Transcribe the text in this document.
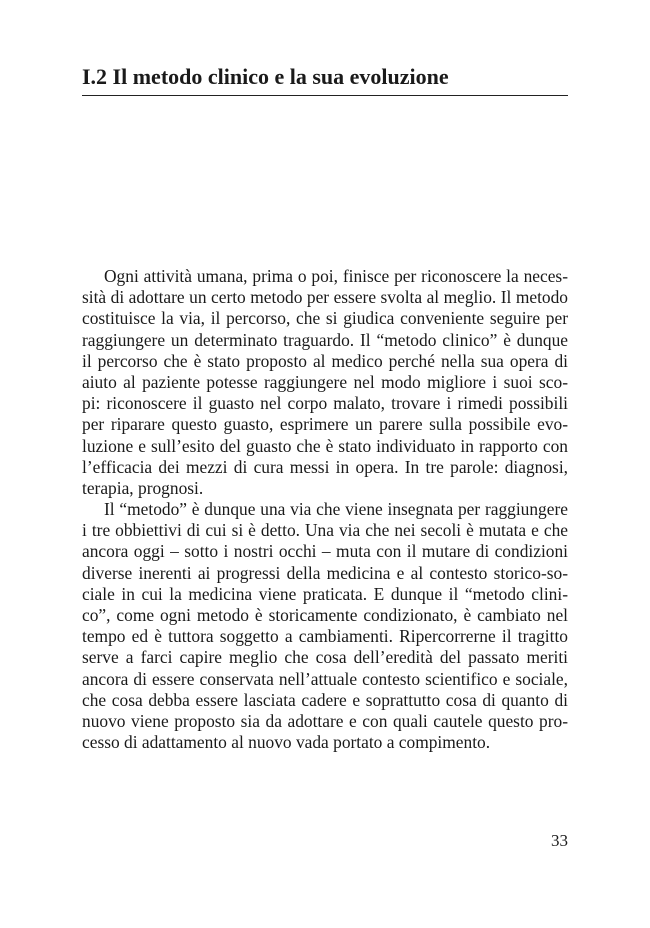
I.2 Il metodo clinico e la sua evoluzione
Ogni attività umana, prima o poi, finisce per riconoscere la neces-
sità di adottare un certo metodo per essere svolta al meglio. Il metodo
costituisce la via, il percorso, che si giudica conveniente seguire per
raggiungere un determinato traguardo. Il “metodo clinico” è dunque
il percorso che è stato proposto al medico perché nella sua opera di
aiuto al paziente potesse raggiungere nel modo migliore i suoi sco-
pi: riconoscere il guasto nel corpo malato, trovare i rimedi possibili
per riparare questo guasto, esprimere un parere sulla possibile evo-
luzione e sull’esito del guasto che è stato individuato in rapporto con
l’efficacia dei mezzi di cura messi in opera. In tre parole: diagnosi,
terapia, prognosi.
Il “metodo” è dunque una via che viene insegnata per raggiungere
i tre obbiettivi di cui si è detto. Una via che nei secoli è mutata e che
ancora oggi – sotto i nostri occhi – muta con il mutare di condizioni
diverse inerenti ai progressi della medicina e al contesto storico-so-
ciale in cui la medicina viene praticata. E dunque il “metodo clini-
co”, come ogni metodo è storicamente condizionato, è cambiato nel
tempo ed è tuttora soggetto a cambiamenti. Ripercorrerne il tragitto
serve a farci capire meglio che cosa dell’eredità del passato meriti
ancora di essere conservata nell’attuale contesto scientifico e sociale,
che cosa debba essere lasciata cadere e soprattutto cosa di quanto di
nuovo viene proposto sia da adottare e con quali cautele questo pro-
cesso di adattamento al nuovo vada portato a compimento.
33
